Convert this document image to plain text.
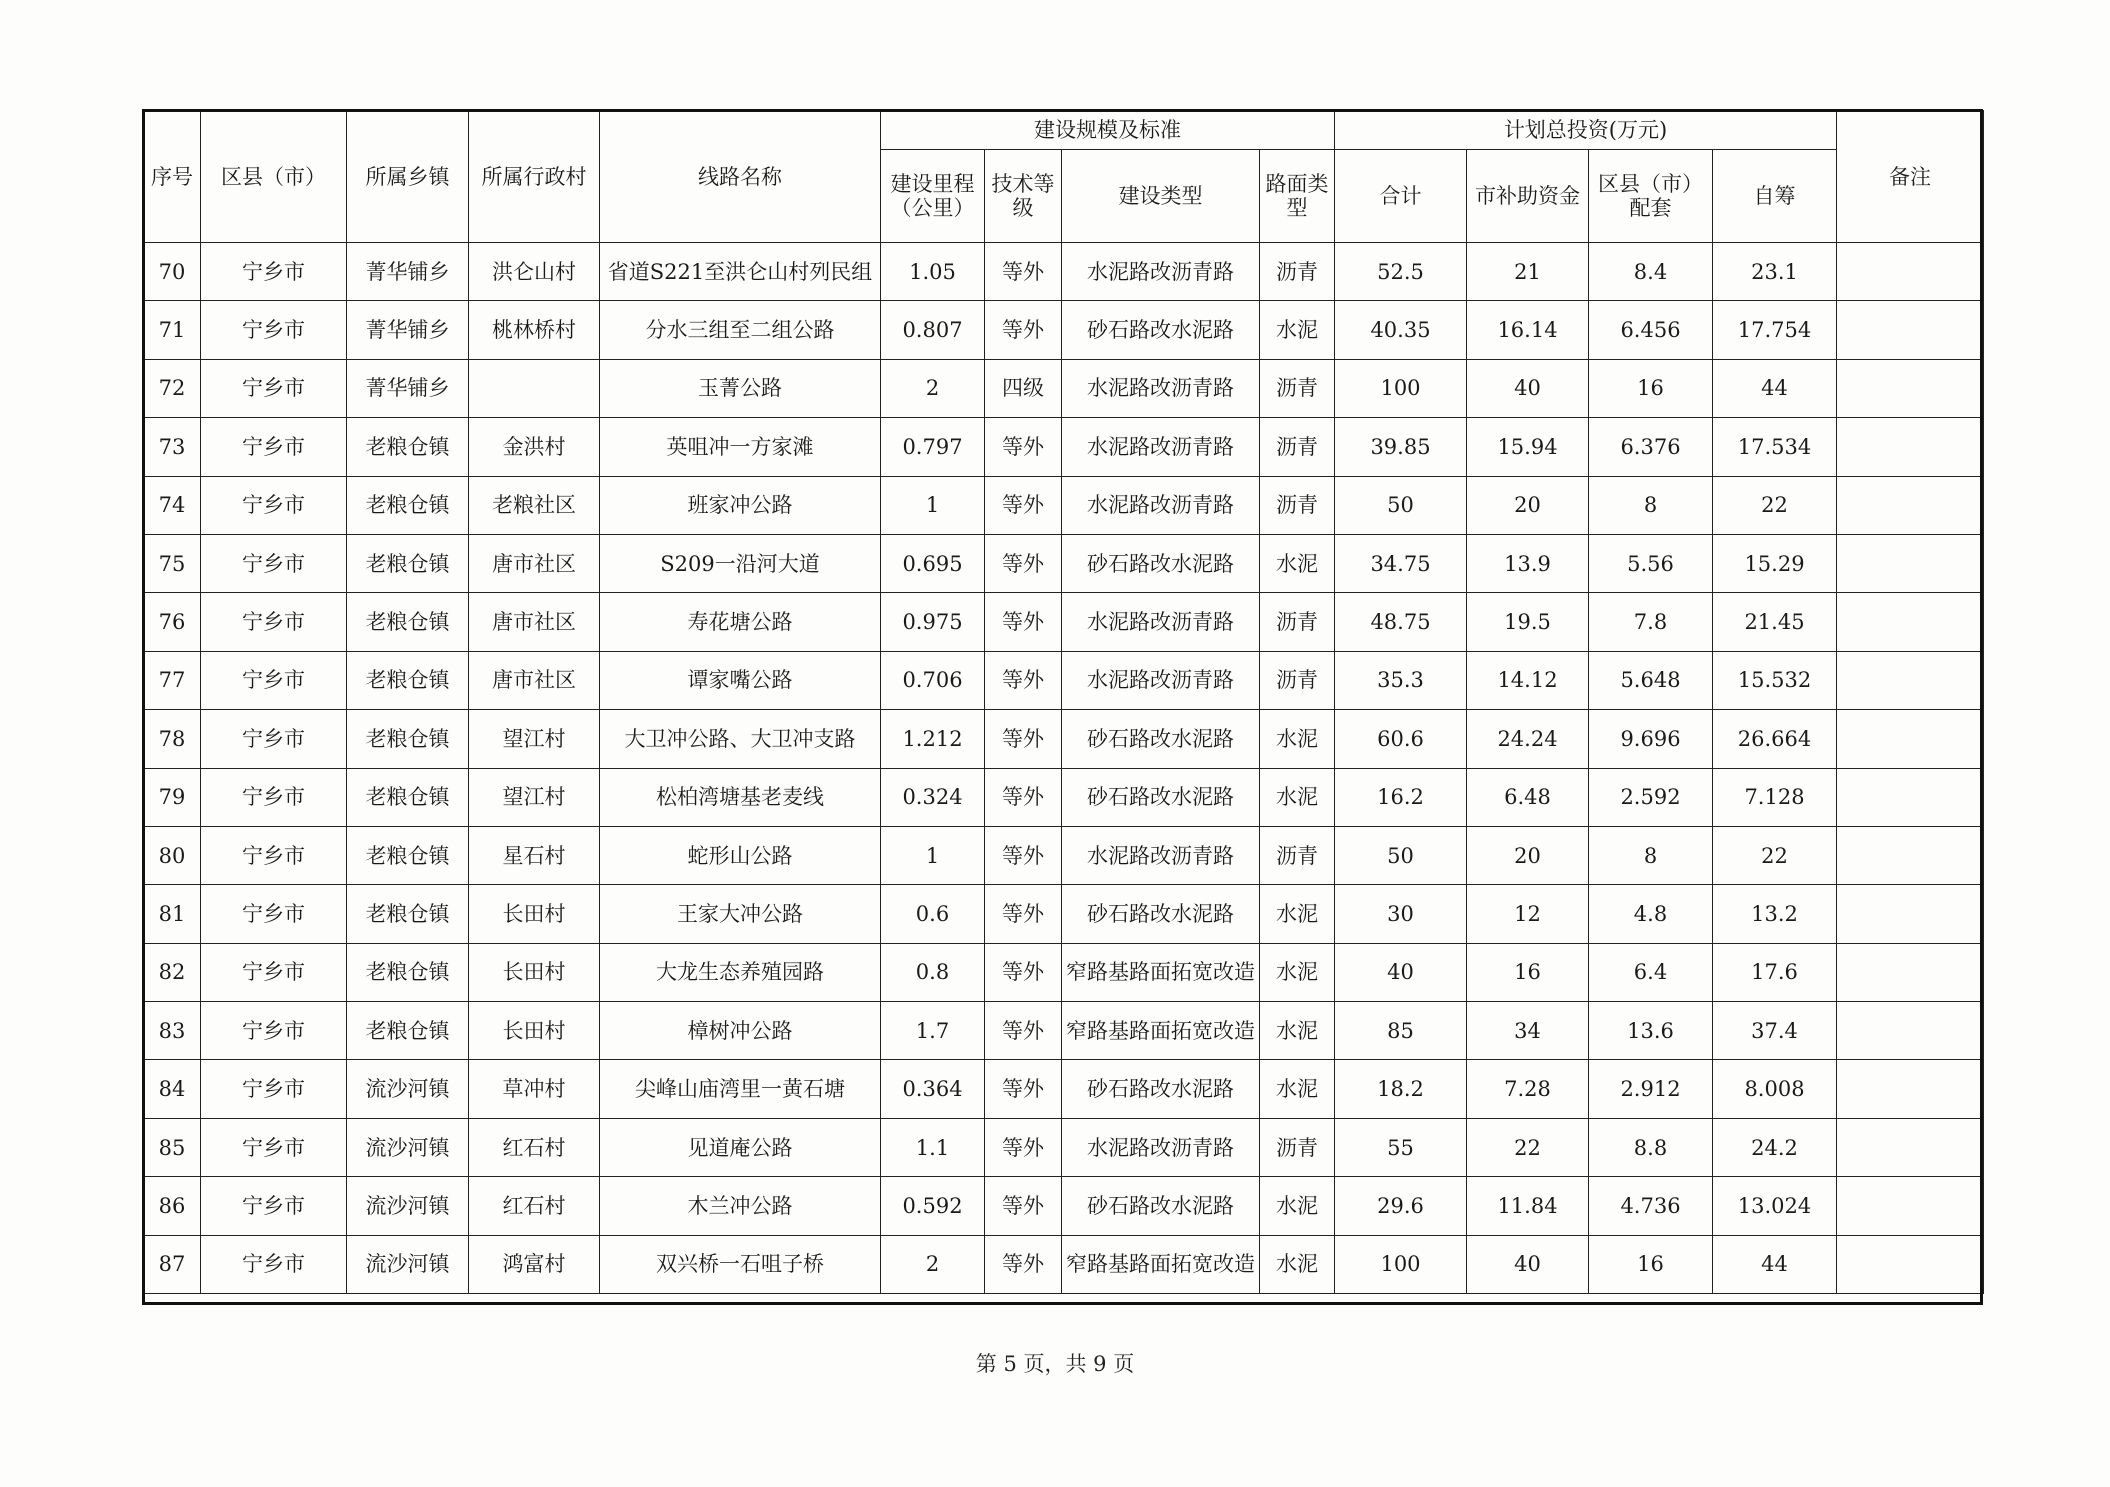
序号	区县（市）	所属乡镇	所属行政村	线路名称	建设规模及标准				计划总投资(万元)				备注
					建设里程（公里）	技术等级	建设类型	路面类型	合计	市补助资金	区县（市）配套	自筹	
70	宁乡市	菁华铺乡	洪仑山村	省道S221至洪仑山村列民组	1.05	等外	水泥路改沥青路	沥青	52.5	21	8.4	23.1	
71	宁乡市	菁华铺乡	桃林桥村	分水三组至二组公路	0.807	等外	砂石路改水泥路	水泥	40.35	16.14	6.456	17.754	
72	宁乡市	菁华铺乡		玉菁公路	2	四级	水泥路改沥青路	沥青	100	40	16	44	
73	宁乡市	老粮仓镇	金洪村	英咀冲一方家滩	0.797	等外	水泥路改沥青路	沥青	39.85	15.94	6.376	17.534	
74	宁乡市	老粮仓镇	老粮社区	班家冲公路	1	等外	水泥路改沥青路	沥青	50	20	8	22	
75	宁乡市	老粮仓镇	唐市社区	S209一沿河大道	0.695	等外	砂石路改水泥路	水泥	34.75	13.9	5.56	15.29	
76	宁乡市	老粮仓镇	唐市社区	寿花塘公路	0.975	等外	水泥路改沥青路	沥青	48.75	19.5	7.8	21.45	
77	宁乡市	老粮仓镇	唐市社区	谭家嘴公路	0.706	等外	水泥路改沥青路	沥青	35.3	14.12	5.648	15.532	
78	宁乡市	老粮仓镇	望江村	大卫冲公路、大卫冲支路	1.212	等外	砂石路改水泥路	水泥	60.6	24.24	9.696	26.664	
79	宁乡市	老粮仓镇	望江村	松柏湾塘基老麦线	0.324	等外	砂石路改水泥路	水泥	16.2	6.48	2.592	7.128	
80	宁乡市	老粮仓镇	星石村	蛇形山公路	1	等外	水泥路改沥青路	沥青	50	20	8	22	
81	宁乡市	老粮仓镇	长田村	王家大冲公路	0.6	等外	砂石路改水泥路	水泥	30	12	4.8	13.2	
82	宁乡市	老粮仓镇	长田村	大龙生态养殖园路	0.8	等外	窄路基路面拓宽改造	水泥	40	16	6.4	17.6	
83	宁乡市	老粮仓镇	长田村	樟树冲公路	1.7	等外	窄路基路面拓宽改造	水泥	85	34	13.6	37.4	
84	宁乡市	流沙河镇	草冲村	尖峰山庙湾里一黄石塘	0.364	等外	砂石路改水泥路	水泥	18.2	7.28	2.912	8.008	
85	宁乡市	流沙河镇	红石村	见道庵公路	1.1	等外	水泥路改沥青路	沥青	55	22	8.8	24.2	
86	宁乡市	流沙河镇	红石村	木兰冲公路	0.592	等外	砂石路改水泥路	水泥	29.6	11.84	4.736	13.024	
87	宁乡市	流沙河镇	鸿富村	双兴桥一石咀子桥	2	等外	窄路基路面拓宽改造	水泥	100	40	16	44	
第 5 页，共 9 页
